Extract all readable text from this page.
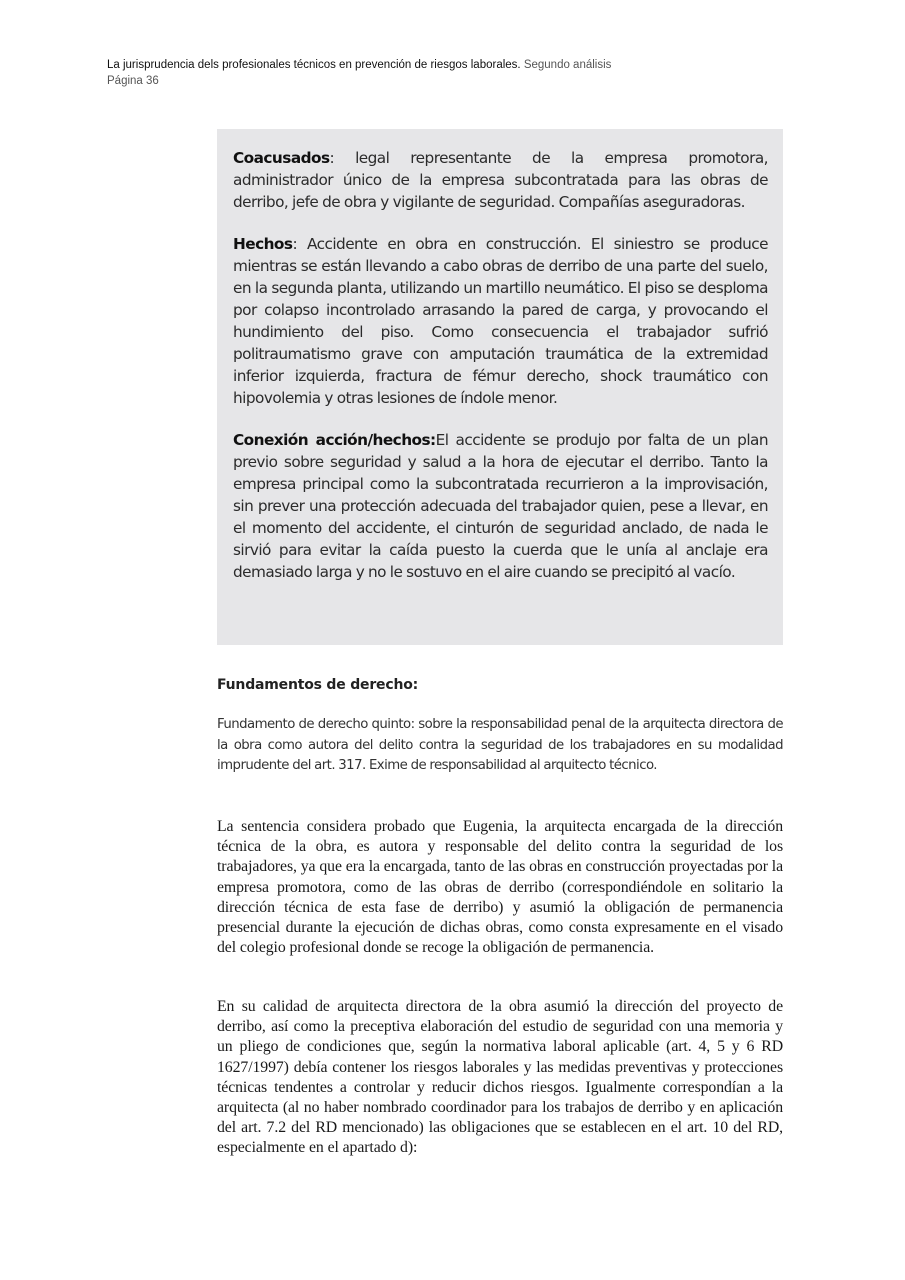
La jurisprudencia dels profesionales técnicos en prevención de riesgos laborales. Segundo análisis
Página 36

Coacusados: legal representante de la empresa promotora, administrador único de la empresa subcontratada para las obras de derribo, jefe de obra y vigilante de seguridad. Compañías aseguradoras.

Hechos: Accidente en obra en construcción. El siniestro se produce mientras se están llevando a cabo obras de derribo de una parte del suelo, en la segunda planta, utilizando un martillo neumático. El piso se desploma por colapso incontrolado arrasando la pared de carga, y provocando el hundimiento del piso. Como consecuencia el trabajador sufrió politraumatismo grave con amputación traumática de la extremidad inferior izquierda, fractura de fémur derecho, shock traumático con hipovolemia y otras lesiones de índole menor.

Conexión acción/hechos:El accidente se produjo por falta de un plan previo sobre seguridad y salud a la hora de ejecutar el derribo. Tanto la empresa principal como la subcontratada recurrieron a la improvisación, sin prever una protección adecuada del trabajador quien, pese a llevar, en el momento del accidente, el cinturón de seguridad anclado, de nada le sirvió para evitar la caída puesto la cuerda que le unía al anclaje era demasiado larga y no le sostuvo en el aire cuando se precipitó al vacío.

Fundamentos de derecho:

Fundamento de derecho quinto: sobre la responsabilidad penal de la arquitecta directora de la obra como autora del delito contra la seguridad de los trabajadores en su modalidad imprudente del art. 317. Exime de responsabilidad al arquitecto técnico.

La sentencia considera probado que Eugenia, la arquitecta encargada de la dirección técnica de la obra, es autora y responsable del delito contra la seguridad de los trabajadores, ya que era la encargada, tanto de las obras en construcción proyectadas por la empresa promotora, como de las obras de derribo (correspondiéndole en solitario la dirección técnica de esta fase de derribo) y asumió la obligación de permanencia presencial durante la ejecución de dichas obras, como consta expresamente en el visado del colegio profesional donde se recoge la obligación de permanencia.

En su calidad de arquitecta directora de la obra asumió la dirección del proyecto de derribo, así como la preceptiva elaboración del estudio de seguridad con una memoria y un pliego de condiciones que, según la normativa laboral aplicable (art. 4, 5 y 6 RD 1627/1997) debía contener los riesgos laborales y las medidas preventivas y protecciones técnicas tendentes a controlar y reducir dichos riesgos. Igualmente correspondían a la arquitecta (al no haber nombrado coordinador para los trabajos de derribo y en aplicación del art. 7.2 del RD mencionado) las obligaciones que se establecen en el art. 10 del RD, especialmente en el apartado d):
